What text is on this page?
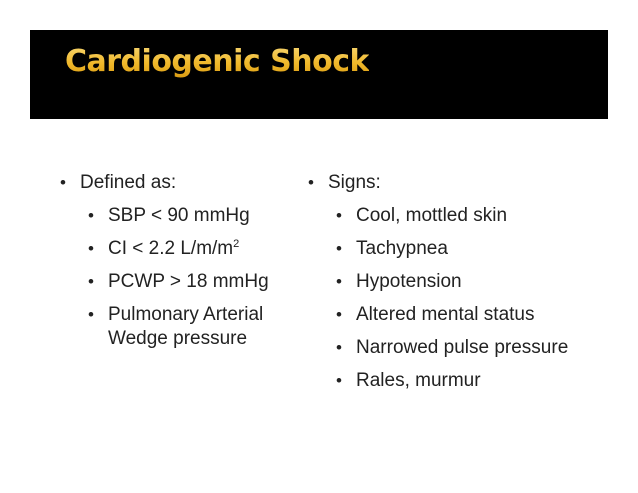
Cardiogenic Shock
• Defined as:
• SBP < 90 mmHg
• CI < 2.2 $L/m/m^2$
• PCWP > 18 mmHg
• Pulmonary Arterial Wedge pressure
• Signs:
• Cool, mottled skin
• Tachypnea
• Hypotension
• Altered mental status
• Narrowed pulse pressure
• Rales, murmur
